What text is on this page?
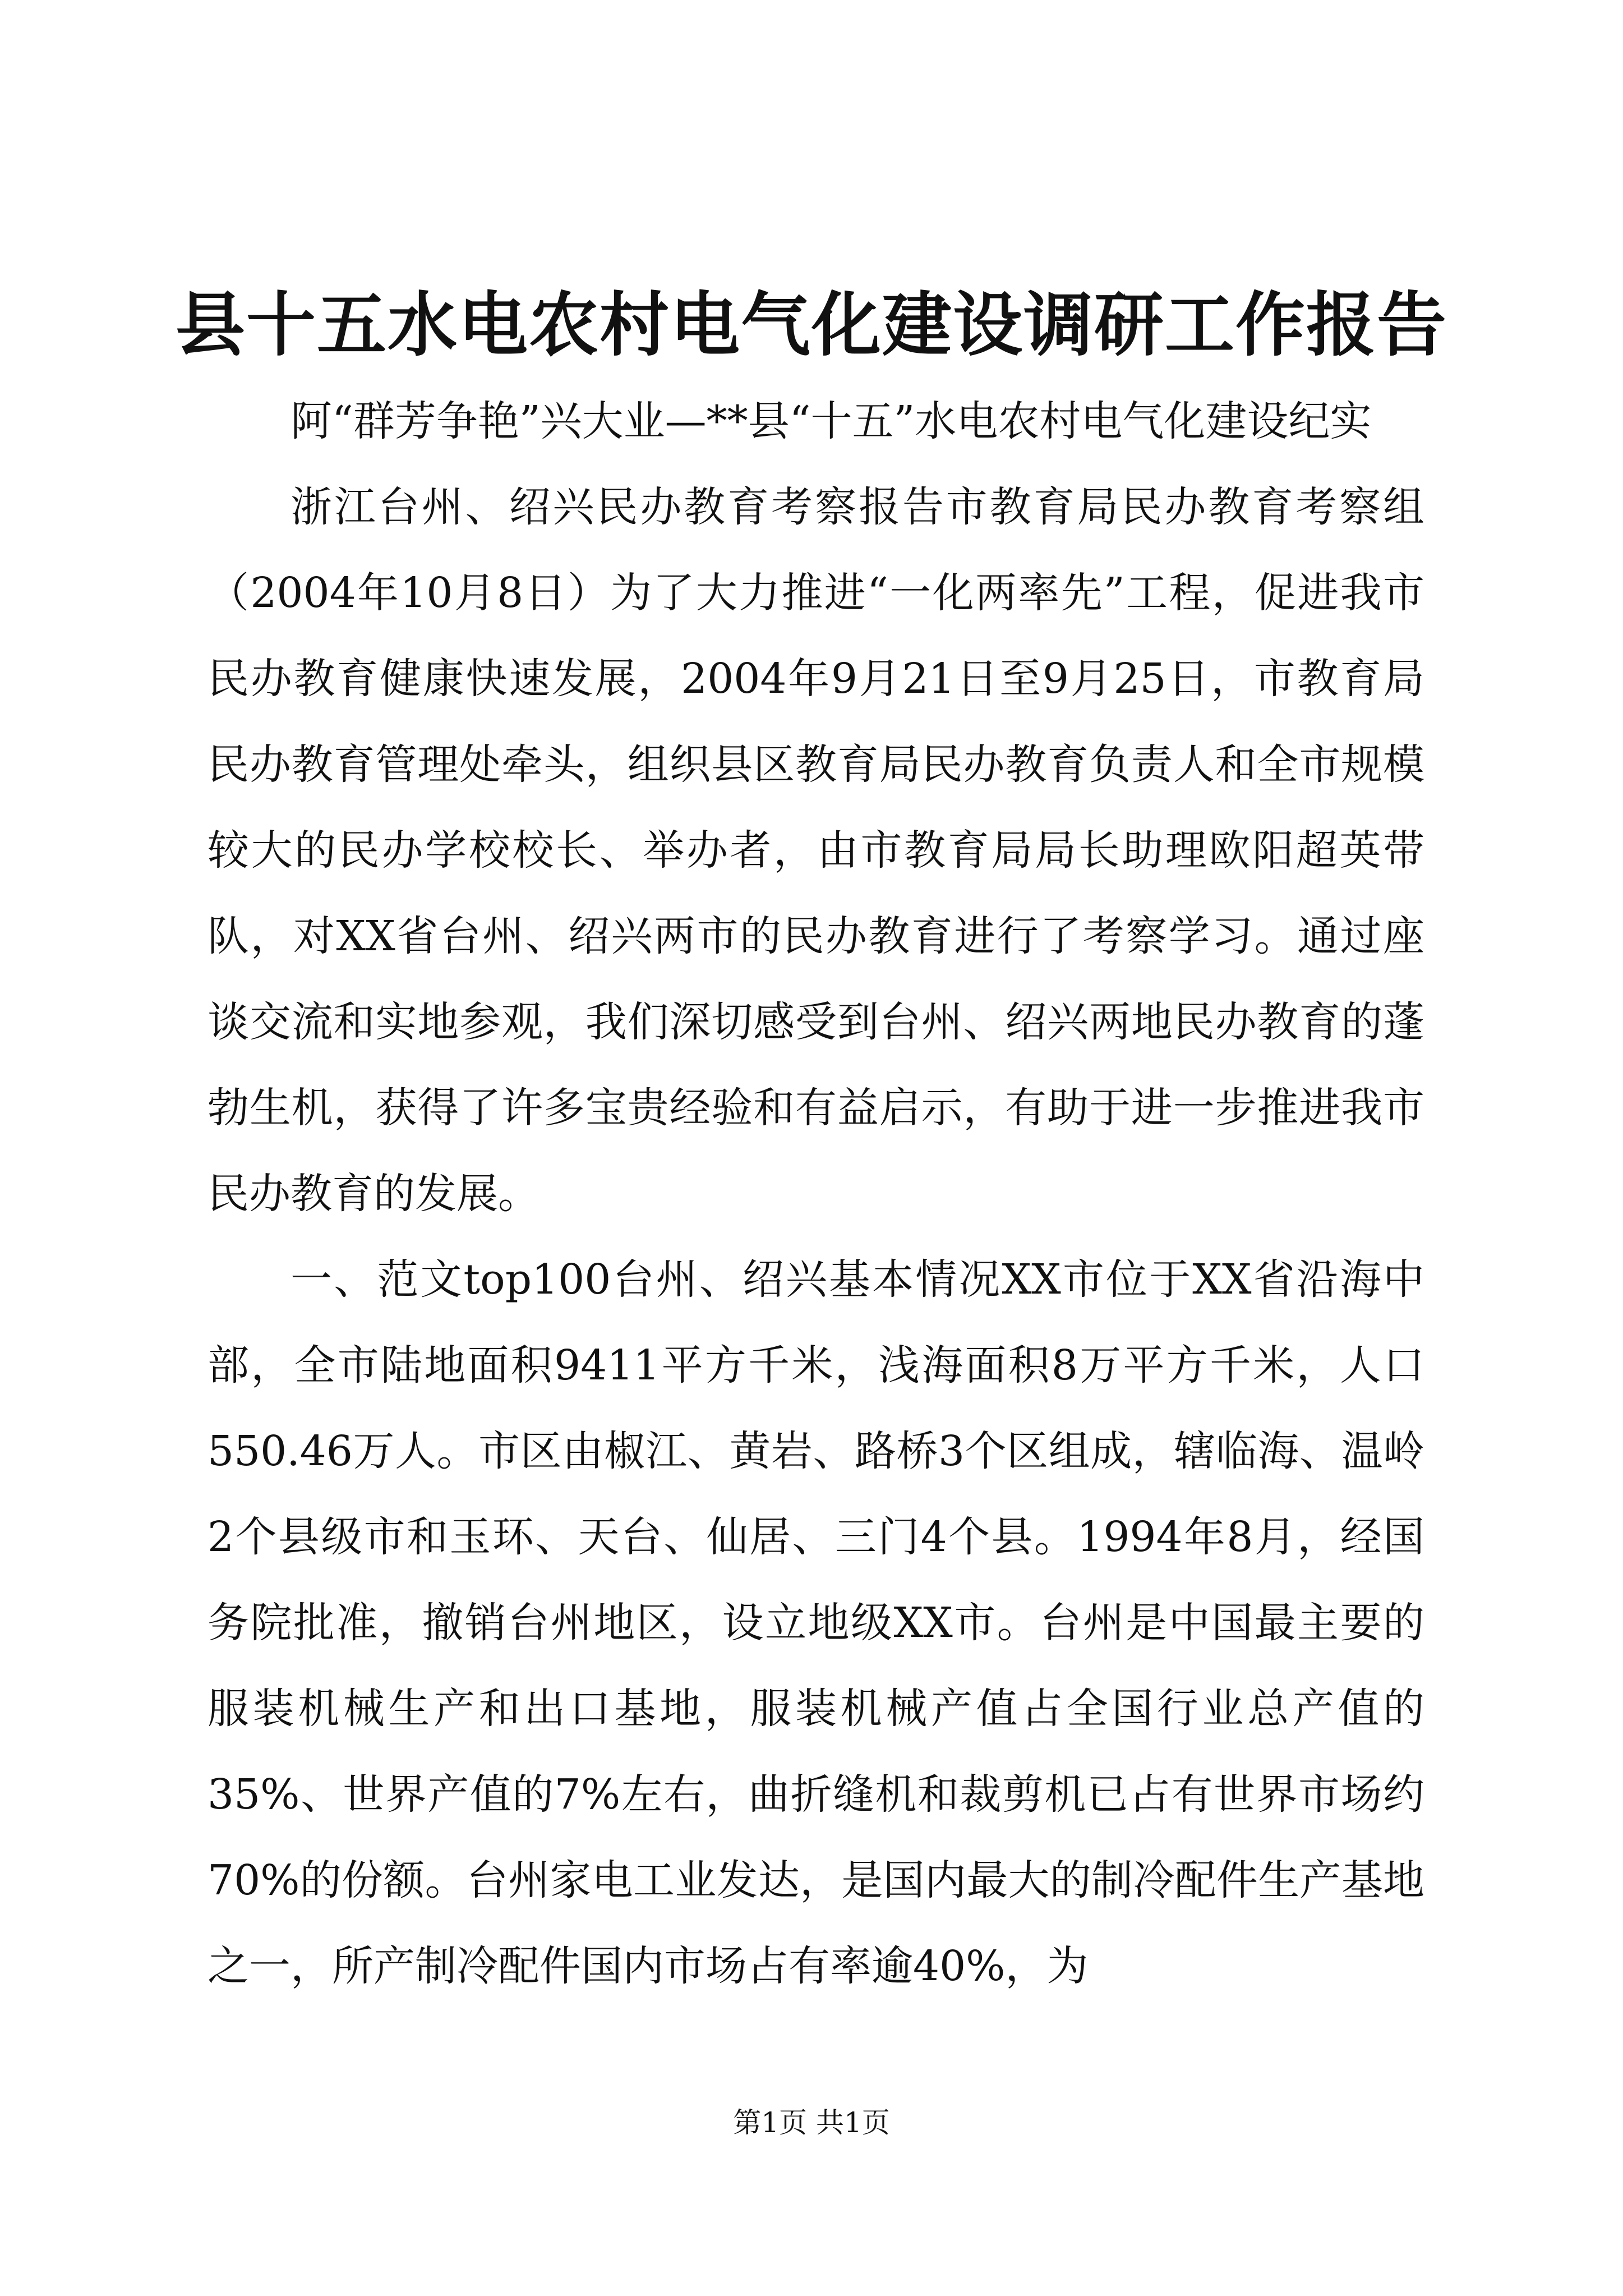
县十五水电农村电气化建设调研工作报告

阿“群芳争艳”兴大业—**县“十五”水电农村电气化建设纪实

浙江台州、绍兴民办教育考察报告市教育局民办教育考察组（2004年10月8日）为了大力推进“一化两率先”工程，促进我市民办教育健康快速发展，2004年9月21日至9月25日，市教育局民办教育管理处牵头，组织县区教育局民办教育负责人和全市规模较大的民办学校校长、举办者，由市教育局局长助理欧阳超英带队，对XX省台州、绍兴两市的民办教育进行了考察学习。通过座谈交流和实地参观，我们深切感受到台州、绍兴两地民办教育的蓬勃生机，获得了许多宝贵经验和有益启示，有助于进一步推进我市民办教育的发展。

一、范文top100台州、绍兴基本情况XX市位于XX省沿海中部，全市陆地面积9411平方千米，浅海面积8万平方千米，人口550.46万人。市区由椒江、黄岩、路桥3个区组成，辖临海、温岭2个县级市和玉环、天台、仙居、三门4个县。1994年8月，经国务院批准，撤销台州地区，设立地级XX市。台州是中国最主要的服装机械生产和出口基地，服装机械产值占全国行业总产值的35%、世界产值的7%左右，曲折缝机和裁剪机已占有世界市场约70%的份额。台州家电工业发达，是国内最大的制冷配件生产基地之一，所产制冷配件国内市场占有率逾40%，为

第1页 共1页
